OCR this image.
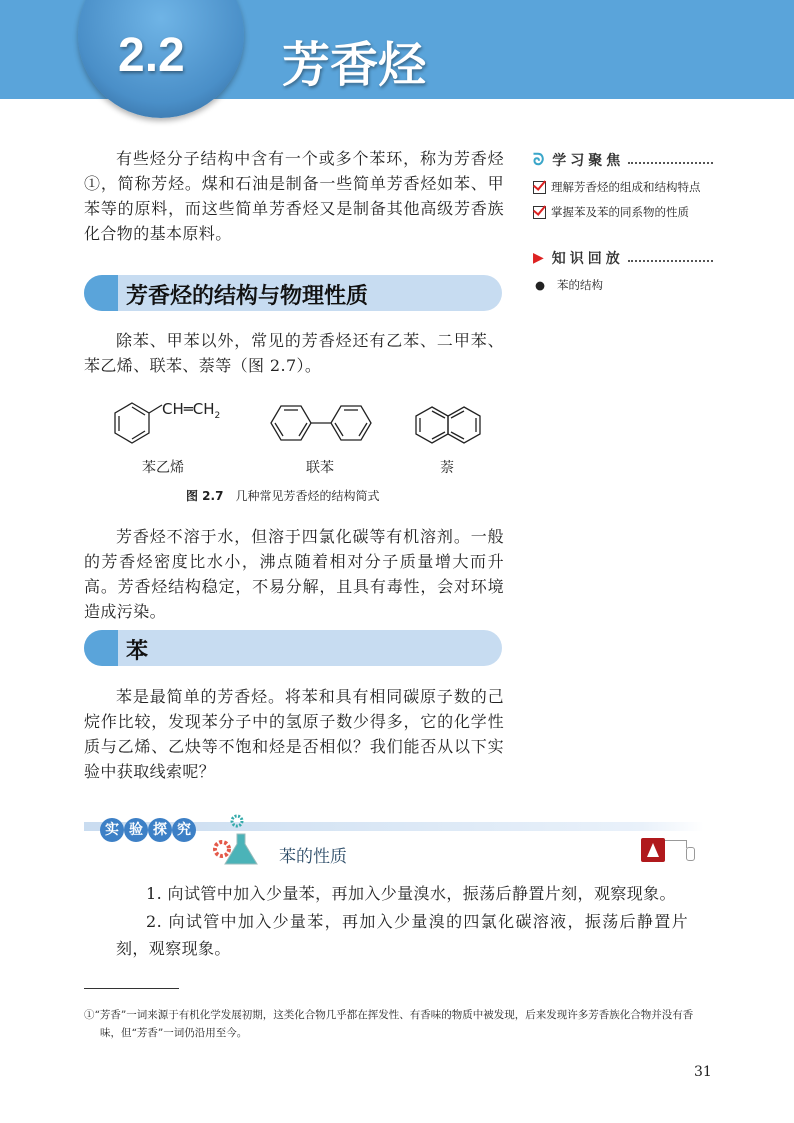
2.2 芳香烃
有些烃分子结构中含有一个或多个苯环，称为芳香烃①，简称芳烃。煤和石油是制备一些简单芳香烃如苯、甲苯等的原料，而这些简单芳香烃又是制备其他高级芳香族化合物的基本原料。
ᘐ 学习聚焦
理解芳香烃的组成和结构特点
掌握苯及苯的同系物的性质
▶ 知识回放
● 苯的结构
芳香烃的结构与物理性质
除苯、甲苯以外，常见的芳香烃还有乙苯、二甲苯、苯乙烯、联苯、萘等（图 2.7）。
$CH═CH_2$
苯乙烯	联苯	萘
图 2.7 几种常见芳香烃的结构简式
芳香烃不溶于水，但溶于四氯化碳等有机溶剂。一般的芳香烃密度比水小，沸点随着相对分子质量增大而升高。芳香烃结构稳定，不易分解，且具有毒性，会对环境造成污染。
苯
苯是最简单的芳香烃。将苯和具有相同碳原子数的己烷作比较，发现苯分子中的氢原子数少得多，它的化学性质与乙烯、乙炔等不饱和烃是否相似？我们能否从以下实验中获取线索呢？
实 验 探 究
苯的性质
1. 向试管中加入少量苯，再加入少量溴水，振荡后静置片刻，观察现象。
2. 向试管中加入少量苯，再加入少量溴的四氯化碳溶液，振荡后静置片刻，观察现象。
①“芳香”一词来源于有机化学发展初期，这类化合物几乎都在挥发性、有香味的物质中被发现，后来发现许多芳香族化合物并没有香味，但“芳香”一词仍沿用至今。
31
